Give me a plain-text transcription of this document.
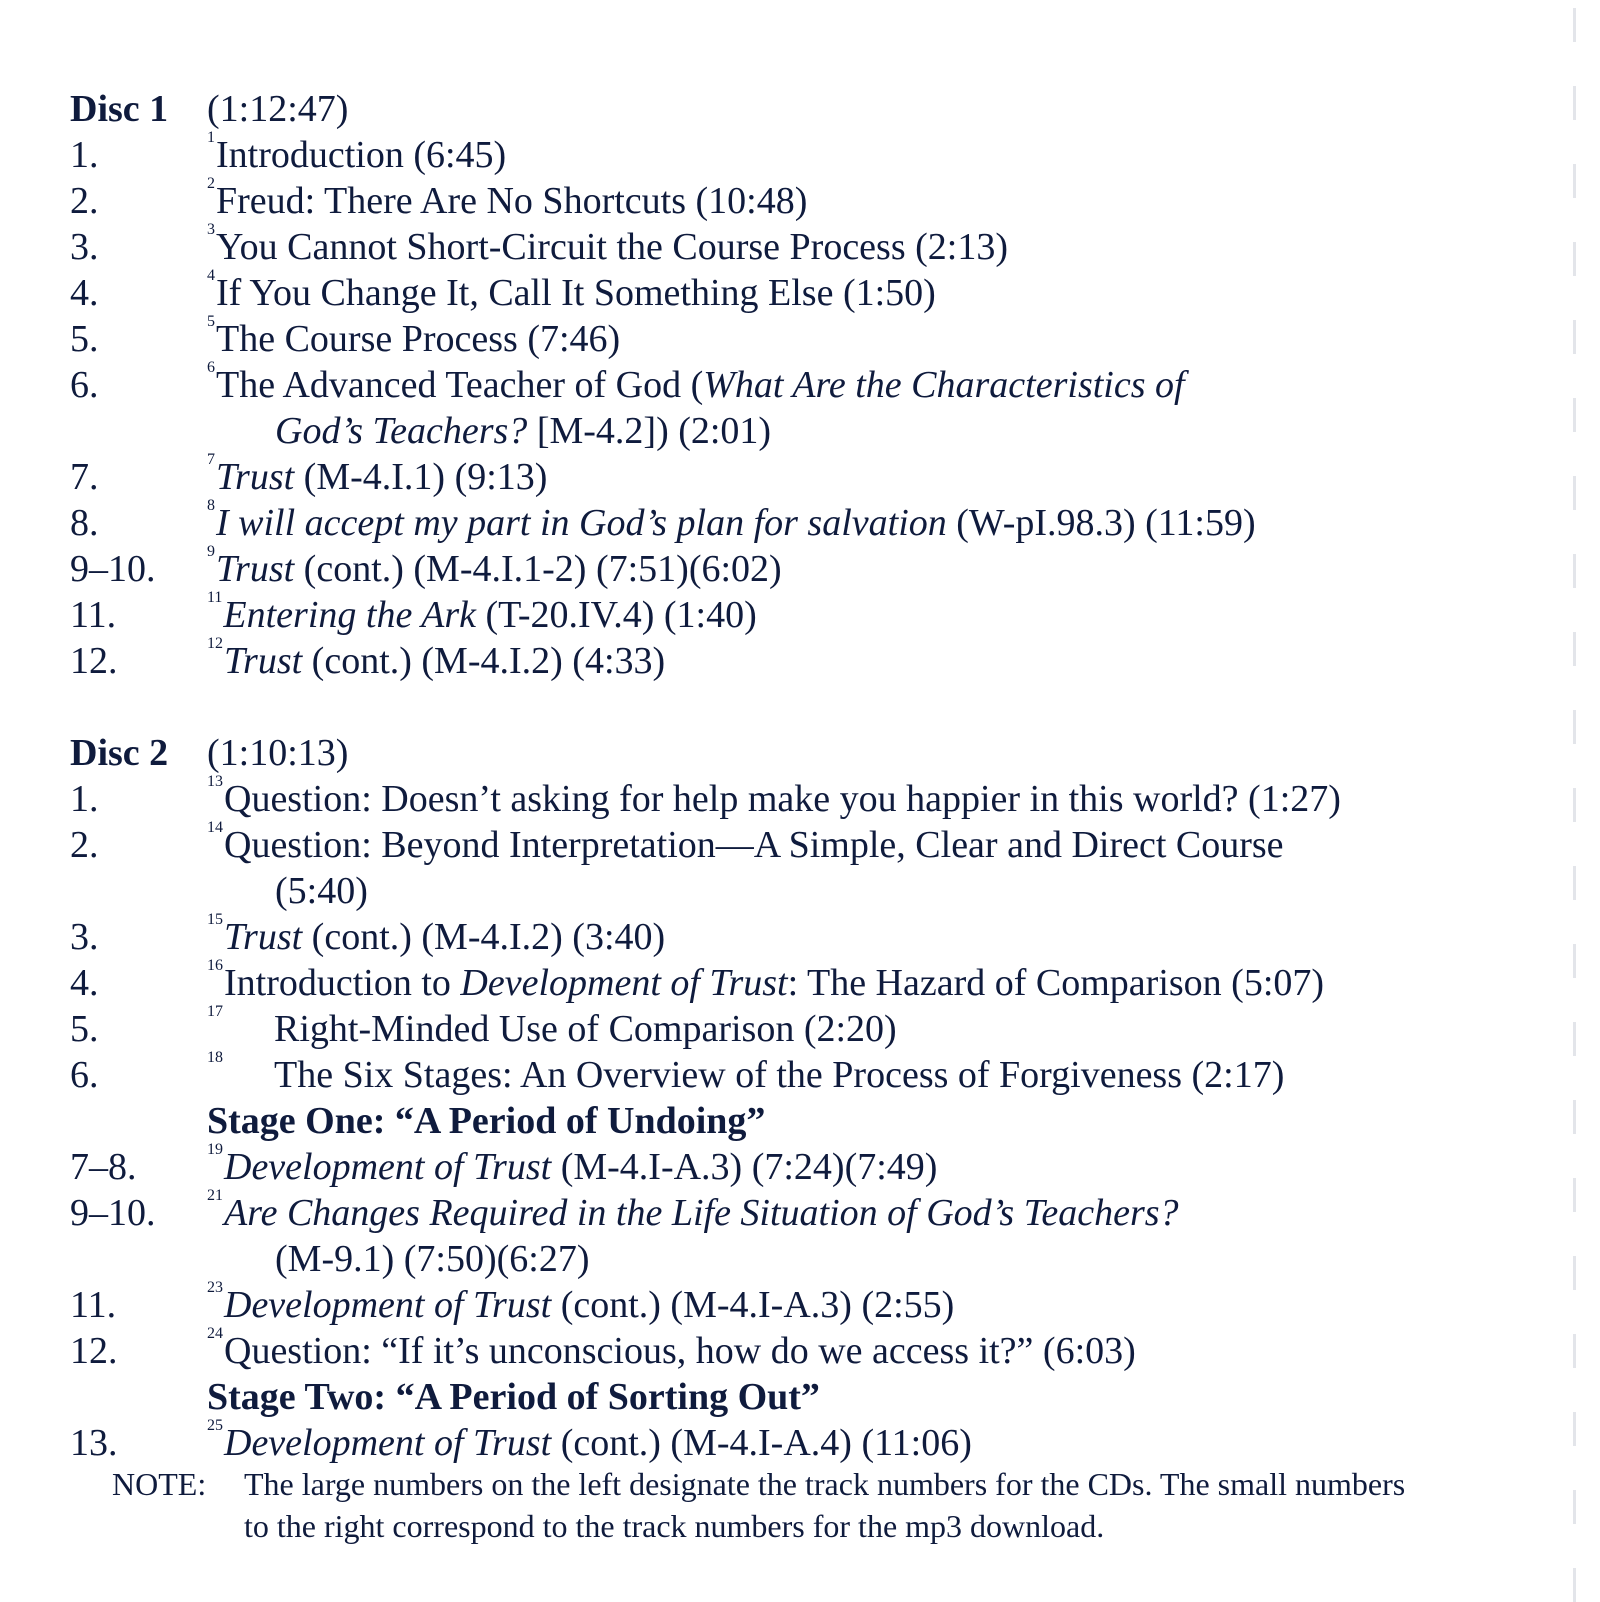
Disc 1 (1:12:47)
1.	$^1$Introduction (6:45)
2.	$^2$Freud: There Are No Shortcuts (10:48)
3.	$^3$You Cannot Short-Circuit the Course Process (2:13)
4.	$^4$If You Change It, Call It Something Else (1:50)
5.	$^5$The Course Process (7:46)
6.	$^6$The Advanced Teacher of God (What Are the Characteristics of
God’s Teachers? [M-4.2]) (2:01)
7.	$^7$Trust (M-4.I.1) (9:13)
8.	$^8$I will accept my part in God’s plan for salvation (W-pI.98.3) (11:59)
9–10.	$^9$Trust (cont.) (M-4.I.1-2) (7:51)(6:02)
11.	$^{11}$Entering the Ark (T-20.IV.4) (1:40)
12.	$^{12}$Trust (cont.) (M-4.I.2) (4:33)
Disc 2 (1:10:13)
1.	$^{13}$Question: Doesn’t asking for help make you happier in this world? (1:27)
2.	$^{14}$Question: Beyond Interpretation—A Simple, Clear and Direct Course
(5:40)
3.	$^{15}$Trust (cont.) (M-4.I.2) (3:40)
4.	$^{16}$Introduction to Development of Trust: The Hazard of Comparison (5:07)
5.	$^{17}$ Right-Minded Use of Comparison (2:20)
6.	$^{18}$ The Six Stages: An Overview of the Process of Forgiveness (2:17)
Stage One: “A Period of Undoing”
7–8.	$^{19}$Development of Trust (M-4.I-A.3) (7:24)(7:49)
9–10.	$^{21}$Are Changes Required in the Life Situation of God’s Teachers?
(M-9.1) (7:50)(6:27)
11.	$^{23}$Development of Trust (cont.) (M-4.I-A.3) (2:55)
12.	$^{24}$Question: “If it’s unconscious, how do we access it?” (6:03)
Stage Two: “A Period of Sorting Out”
13.	$^{25}$Development of Trust (cont.) (M-4.I-A.4) (11:06)
NOTE: The large numbers on the left designate the track numbers for the CDs. The small numbers to the right correspond to the track numbers for the mp3 download.
